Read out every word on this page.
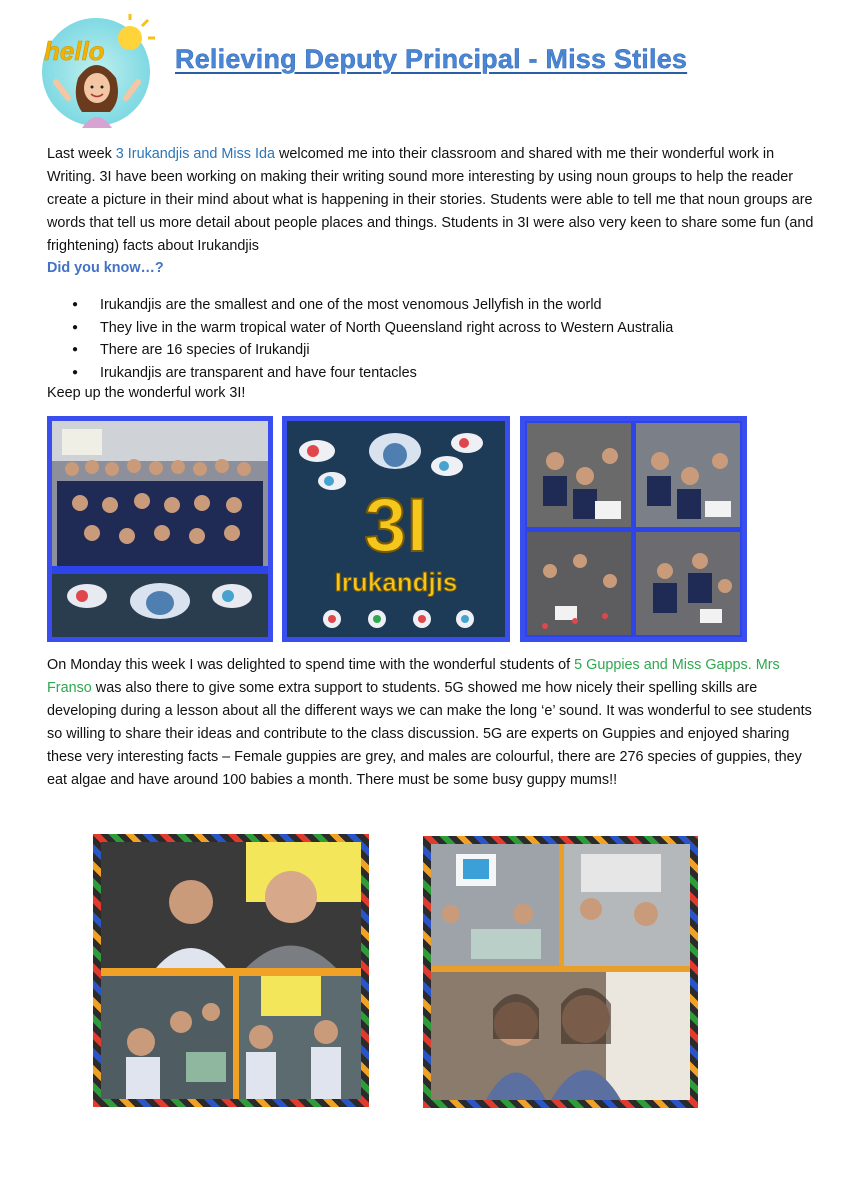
hello	Relieving Deputy Principal - Miss Stiles

Last week 3 Irukandjis and Miss Ida welcomed me into their classroom and shared with me their wonderful work in Writing. 3I have been working on making their writing sound more interesting by using noun groups to help the reader create a picture in their mind about what is happening in their stories. Students were able to tell me that noun groups are words that tell us more detail about people places and things. Students in 3I were also very keen to share some fun (and frightening) facts about Irukandjis

Did you know…?

● Irukandjis are the smallest and one of the most venomous Jellyfish in the world
● They live in the warm tropical water of North Queensland right across to Western Australia
● There are 16 species of Irukandji
● Irukandjis are transparent and have four tentacles

Keep up the wonderful work 3I!

3I
Irukandjis

On Monday this week I was delighted to spend time with the wonderful students of 5 Guppies and Miss Gapps. Mrs Franso was also there to give some extra support to students. 5G showed me how nicely their spelling skills are developing during a lesson about all the different ways we can make the long ‘e’ sound. It was wonderful to see students so willing to share their ideas and contribute to the class discussion. 5G are experts on Guppies and enjoyed sharing these very interesting facts – Female guppies are grey, and males are colourful, there are 276 species of guppies, they eat algae and have around 100 babies a month. There must be some busy guppy mums!!
